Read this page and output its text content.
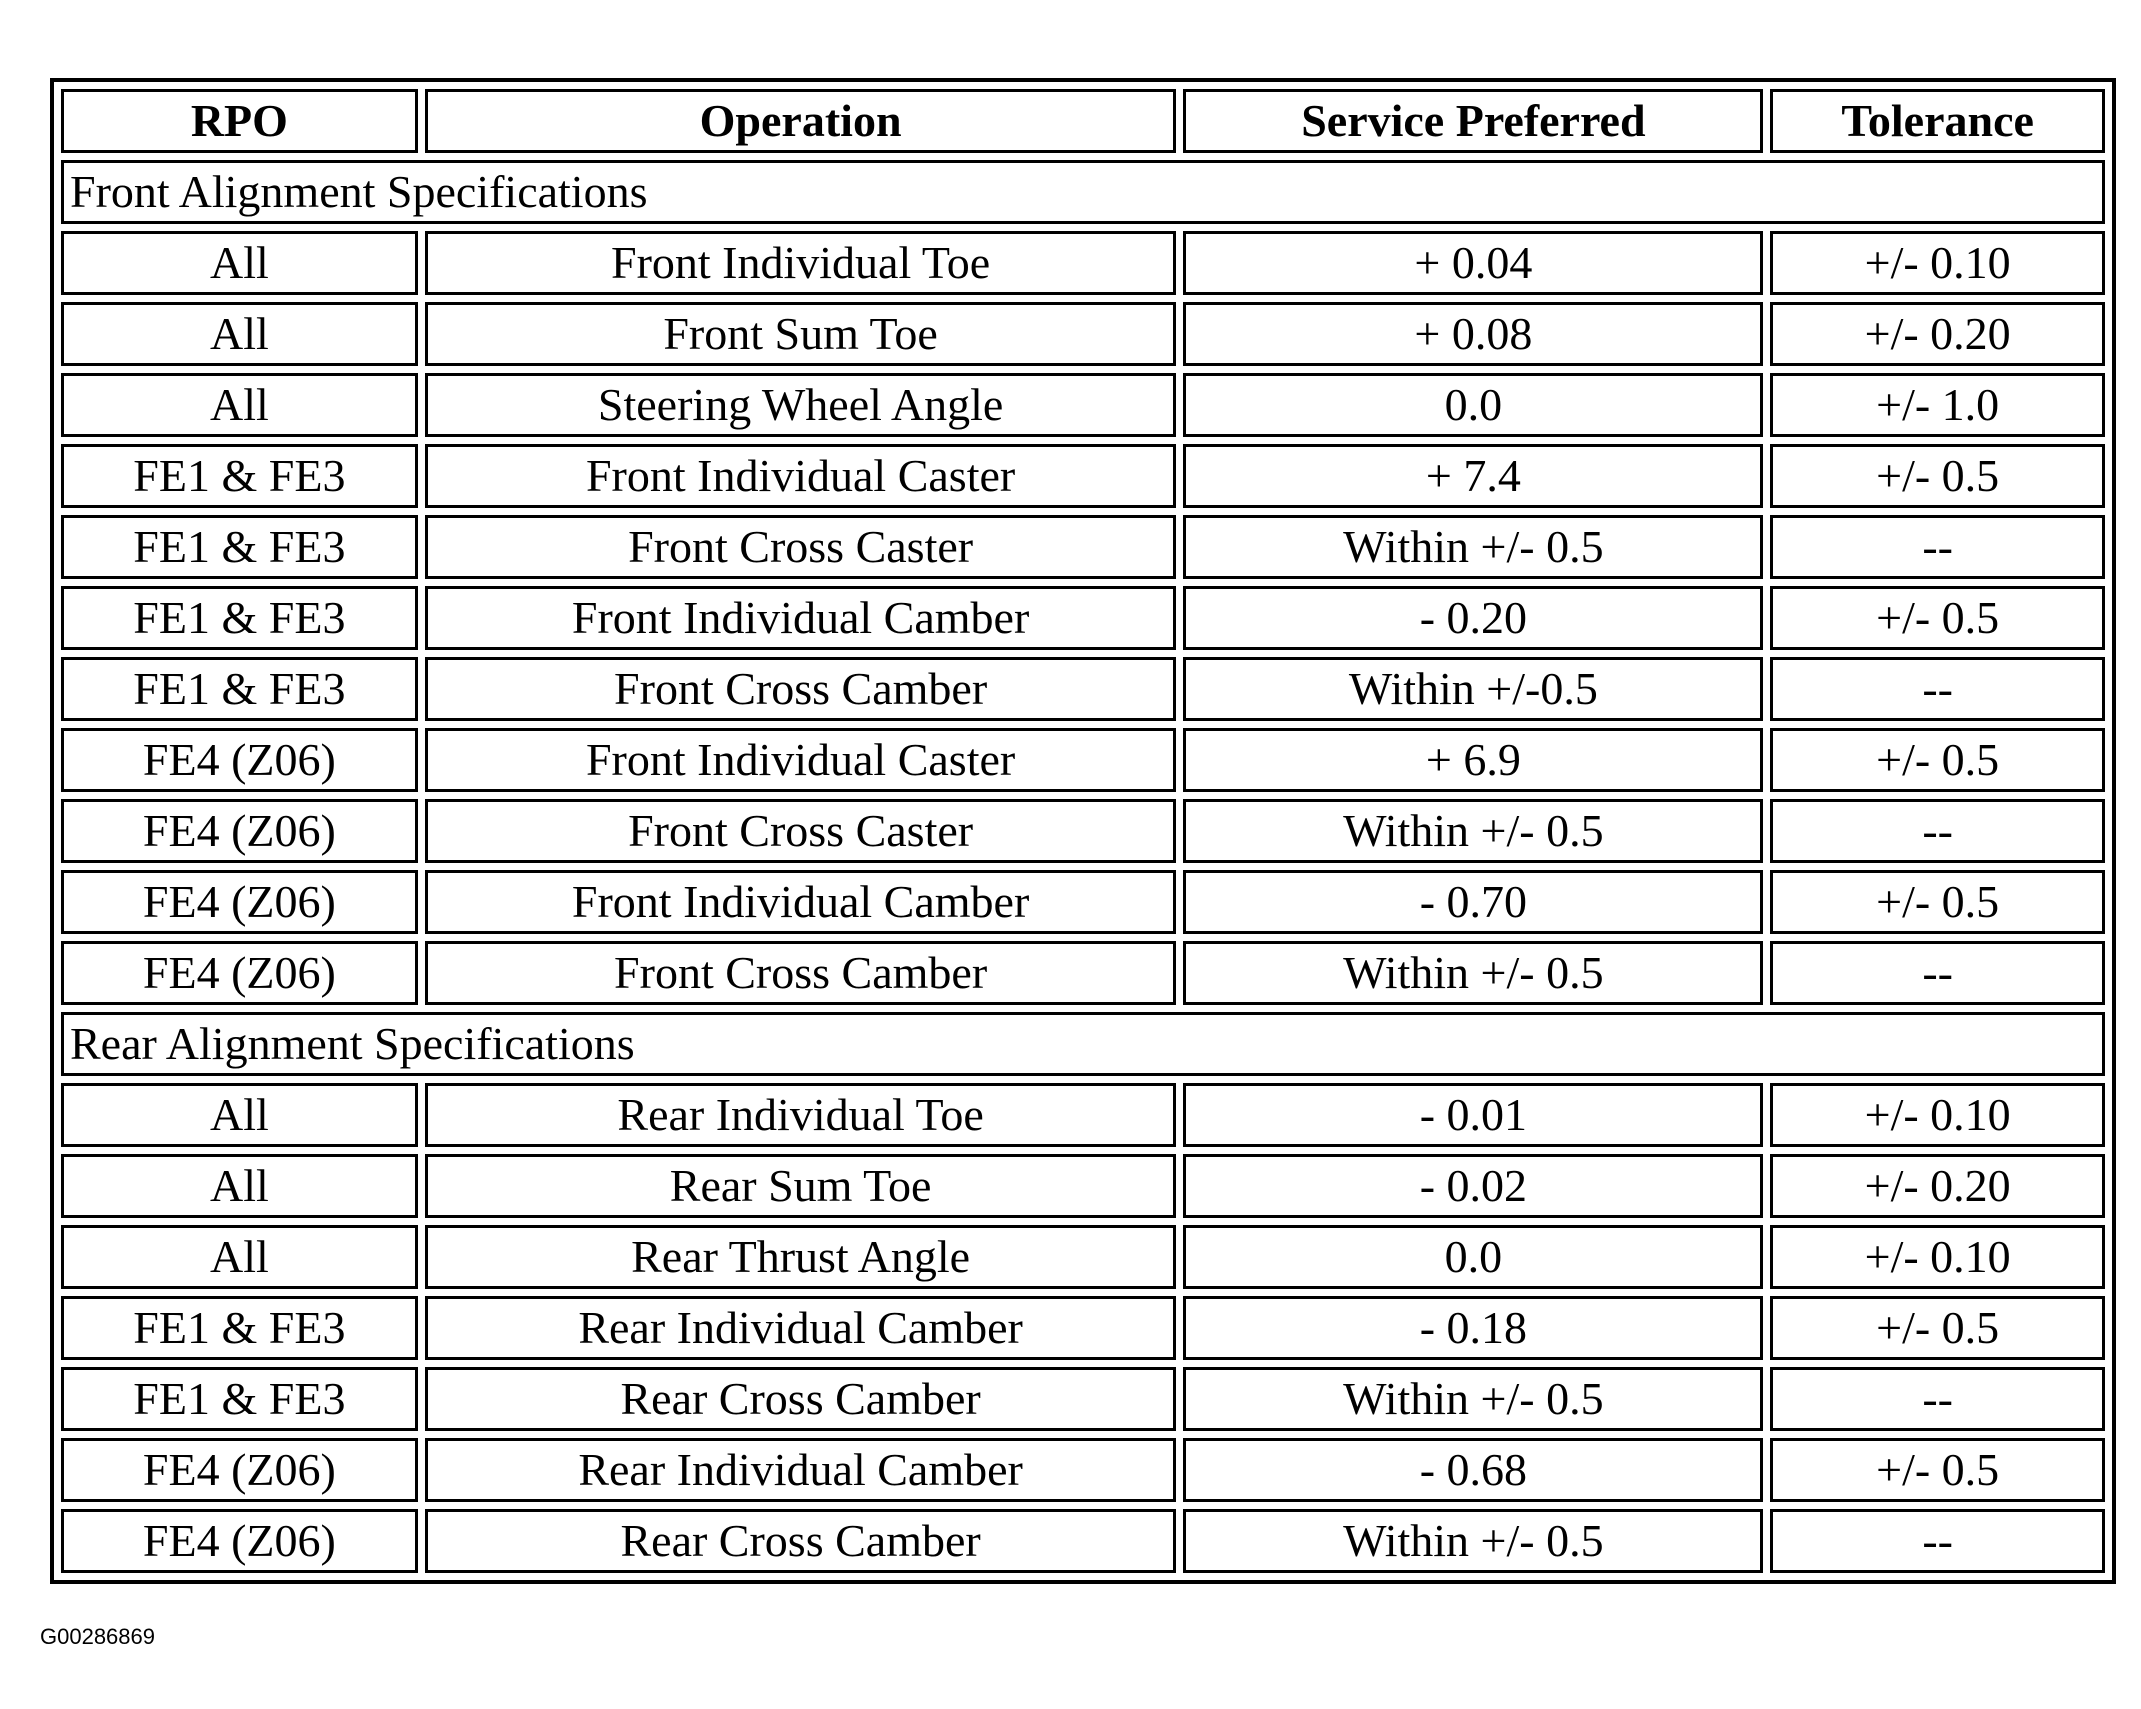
RPO	Operation	Service Preferred	Tolerance
Front Alignment Specifications			
All	Front Individual Toe	+ 0.04	+/- 0.10
All	Front Sum Toe	+ 0.08	+/- 0.20
All	Steering Wheel Angle	0.0	+/- 1.0
FE1 & FE3	Front Individual Caster	+ 7.4	+/- 0.5
FE1 & FE3	Front Cross Caster	Within +/- 0.5	--
FE1 & FE3	Front Individual Camber	- 0.20	+/- 0.5
FE1 & FE3	Front Cross Camber	Within +/-0.5	--
FE4 (Z06)	Front Individual Caster	+ 6.9	+/- 0.5
FE4 (Z06)	Front Cross Caster	Within +/- 0.5	--
FE4 (Z06)	Front Individual Camber	- 0.70	+/- 0.5
FE4 (Z06)	Front Cross Camber	Within +/- 0.5	--
Rear Alignment Specifications			
All	Rear Individual Toe	- 0.01	+/- 0.10
All	Rear Sum Toe	- 0.02	+/- 0.20
All	Rear Thrust Angle	0.0	+/- 0.10
FE1 & FE3	Rear Individual Camber	- 0.18	+/- 0.5
FE1 & FE3	Rear Cross Camber	Within +/- 0.5	--
FE4 (Z06)	Rear Individual Camber	- 0.68	+/- 0.5
FE4 (Z06)	Rear Cross Camber	Within +/- 0.5	--
G00286869
